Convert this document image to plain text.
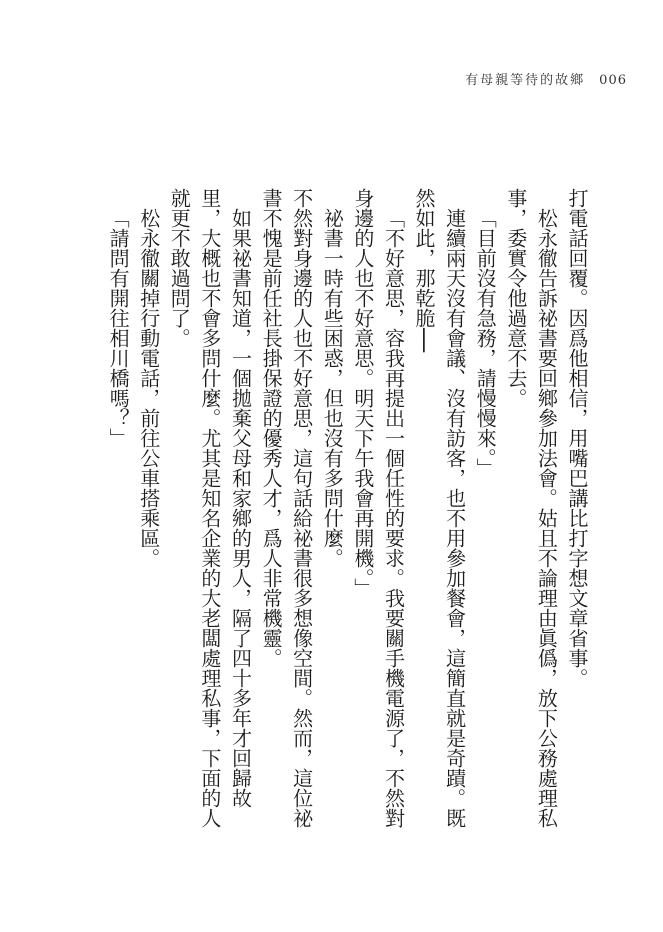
有母親等待的故鄉 006

打電話回覆。因爲他相信，用嘴巴講比打字想文章省事。

松永徹告訴祕書要回鄉參加法會。姑且不論理由眞僞，放下公務處理私事，委實令他過意不去。

「目前沒有急務，請慢慢來。」

連續兩天沒有會議、沒有訪客，也不用參加餐會，這簡直就是奇蹟。既然如此，那乾脆──

「不好意思，容我再提出一個任性的要求。我要關手機電源了，不然對身邊的人也不好意思。明天下午我會再開機。」

祕書一時有些困惑，但也沒有多問什麼。

不然對身邊的人也不好意思，這句話給祕書很多想像空間。然而，這位祕書不愧是前任社長掛保證的優秀人才，爲人非常機靈。

如果祕書知道，一個拋棄父母和家鄉的男人，隔了四十多年才回歸故里，大概也不會多問什麼。尤其是知名企業的大老闆處理私事，下面的人就更不敢過問了。

松永徹關掉行動電話，前往公車搭乘區。

「請問有開往相川橋嗎？」
